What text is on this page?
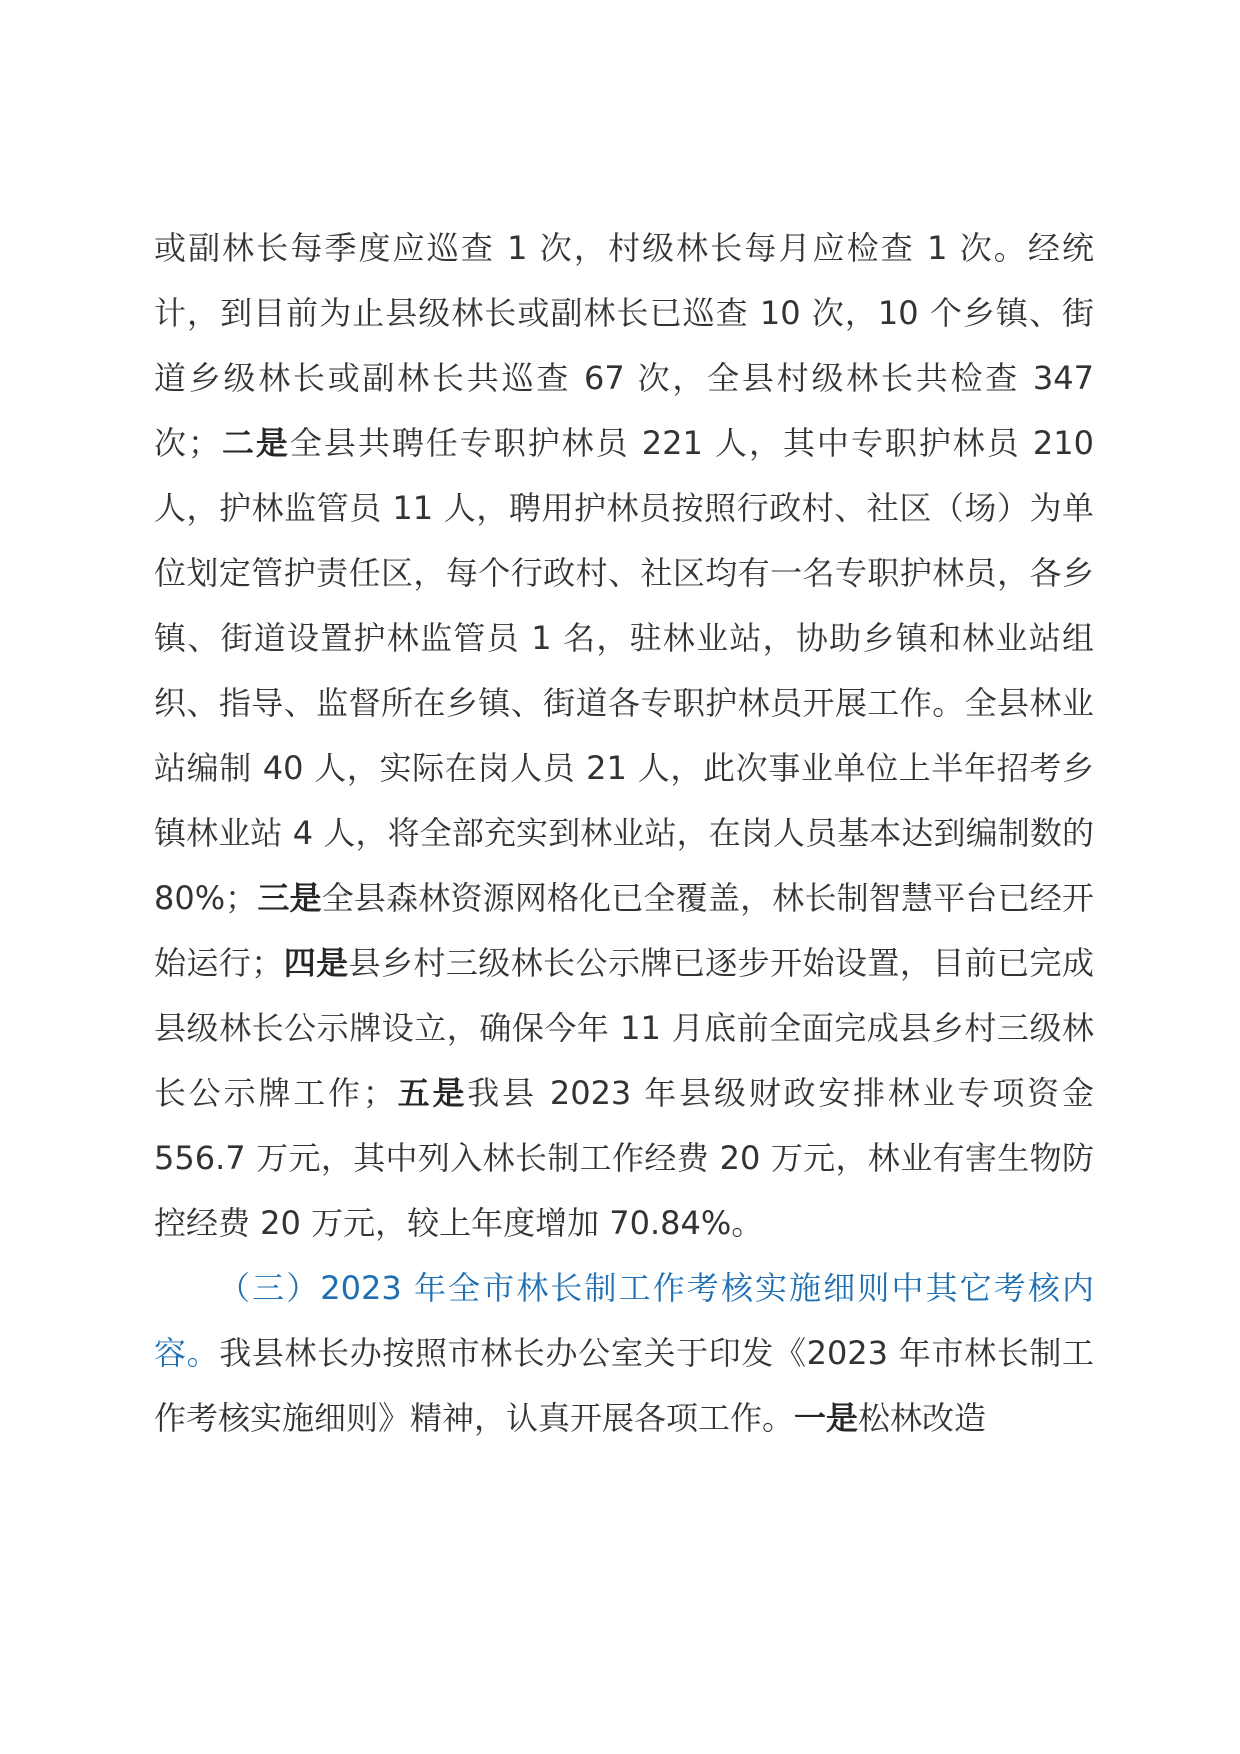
或副林长每季度应巡查 1 次，村级林长每月应检查 1 次。经统计，到目前为止县级林长或副林长已巡查 10 次，10 个乡镇、街道乡级林长或副林长共巡查 67 次，全县村级林长共检查 347 次；二是全县共聘任专职护林员 221 人，其中专职护林员 210 人，护林监管员 11 人，聘用护林员按照行政村、社区（场）为单位划定管护责任区，每个行政村、社区均有一名专职护林员，各乡镇、街道设置护林监管员 1 名，驻林业站，协助乡镇和林业站组织、指导、监督所在乡镇、街道各专职护林员开展工作。全县林业站编制 40 人，实际在岗人员 21 人，此次事业单位上半年招考乡镇林业站 4 人，将全部充实到林业站，在岗人员基本达到编制数的 80%；三是全县森林资源网格化已全覆盖，林长制智慧平台已经开始运行；四是县乡村三级林长公示牌已逐步开始设置，目前已完成县级林长公示牌设立，确保今年 11 月底前全面完成县乡村三级林长公示牌工作；五是我县 2023 年县级财政安排林业专项资金 556.7 万元，其中列入林长制工作经费 20 万元，林业有害生物防控经费 20 万元，较上年度增加 70.84%。

（三）2023 年全市林长制工作考核实施细则中其它考核内容。我县林长办按照市林长办公室关于印发《2023 年市林长制工作考核实施细则》精神，认真开展各项工作。一是松林改造
